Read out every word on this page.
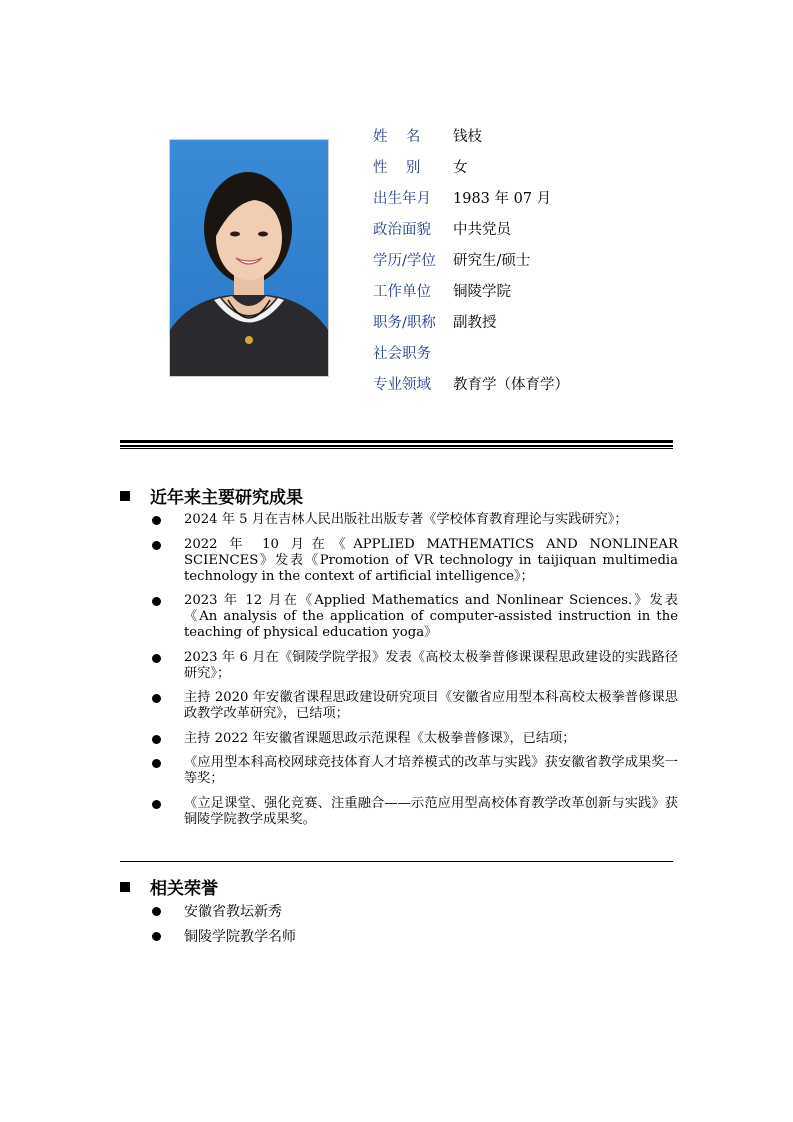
姓    名	钱枝
性    别	女
出生年月	1983 年 07 月
政治面貌	中共党员
学历/学位	研究生/硕士
工作单位	铜陵学院
职务/职称	副教授
社会职务
专业领域	教育学（体育学）
近年来主要研究成果
2024 年 5 月在吉林人民出版社出版专著《学校体育教育理论与实践研究》；
2022 年 10 月在《APPLIED MATHEMATICS AND NONLINEAR SCIENCES》发表《Promotion of VR technology in taijiquan multimedia technology in the context of artificial intelligence》；
2023 年 12 月在《Applied Mathematics and Nonlinear Sciences.》发表《An analysis of the application of computer-assisted instruction in the teaching of physical education yoga》
2023 年 6 月在《铜陵学院学报》发表《高校太极拳普修课课程思政建设的实践路径研究》；
主持 2020 年安徽省课程思政建设研究项目《安徽省应用型本科高校太极拳普修课思政教学改革研究》，已结项；
主持 2022 年安徽省课题思政示范课程《太极拳普修课》，已结项；
《应用型本科高校网球竞技体育人才培养模式的改革与实践》获安徽省教学成果奖一等奖；
《立足课堂、强化竞赛、注重融合——示范应用型高校体育教学改革创新与实践》获铜陵学院教学成果奖。
相关荣誉
安徽省教坛新秀
铜陵学院教学名师
